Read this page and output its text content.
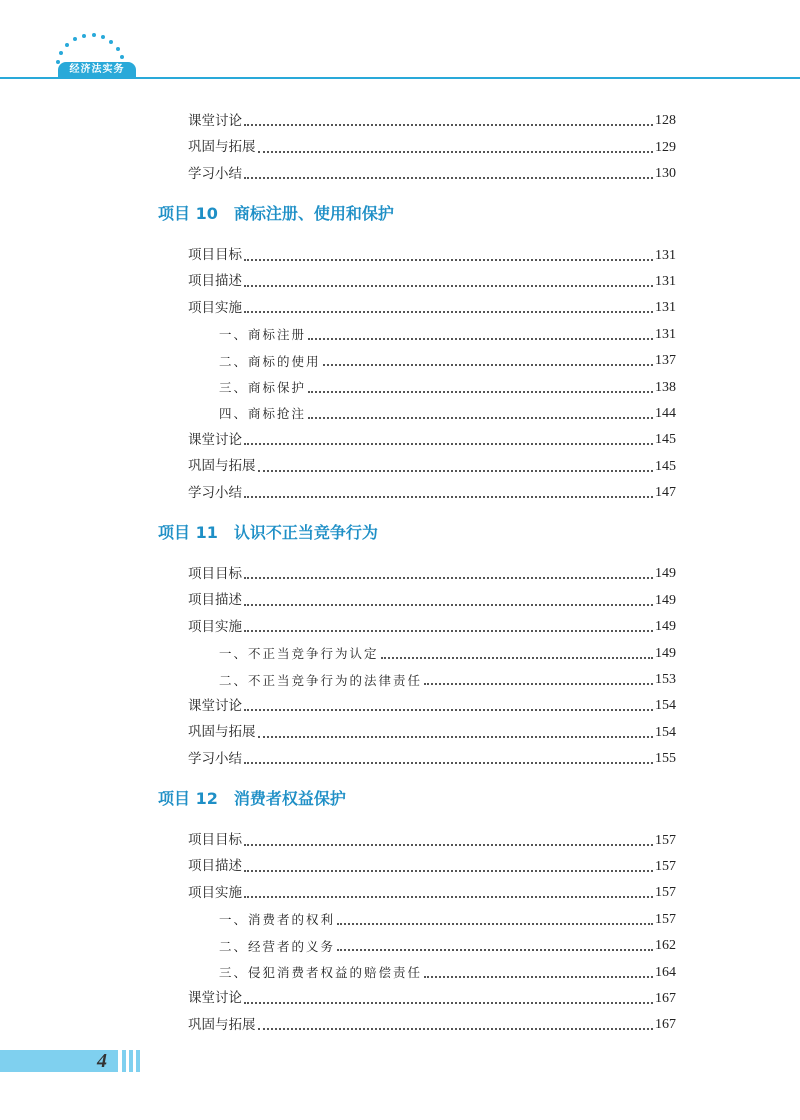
经济法实务
课堂讨论	128
巩固与拓展	129
学习小结	130
项目 10 商标注册、使用和保护
项目目标	131
项目描述	131
项目实施	131
一、商标注册	131
二、商标的使用	137
三、商标保护	138
四、商标抢注	144
课堂讨论	145
巩固与拓展	145
学习小结	147
项目 11 认识不正当竞争行为
项目目标	149
项目描述	149
项目实施	149
一、不正当竞争行为认定	149
二、不正当竞争行为的法律责任	153
课堂讨论	154
巩固与拓展	154
学习小结	155
项目 12 消费者权益保护
项目目标	157
项目描述	157
项目实施	157
一、消费者的权利	157
二、经营者的义务	162
三、侵犯消费者权益的赔偿责任	164
课堂讨论	167
巩固与拓展	167
4
